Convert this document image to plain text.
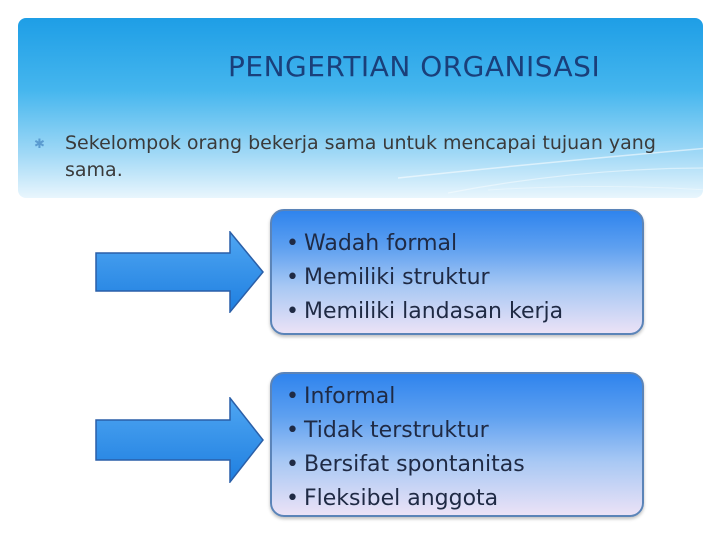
PENGERTIAN ORGANISASI
✱ Sekelompok orang bekerja sama untuk mencapai tujuan yang sama.

• Wadah formal
• Memiliki struktur
• Memiliki landasan kerja
• Informal
• Tidak terstruktur
• Bersifat spontanitas
• Fleksibel anggota
